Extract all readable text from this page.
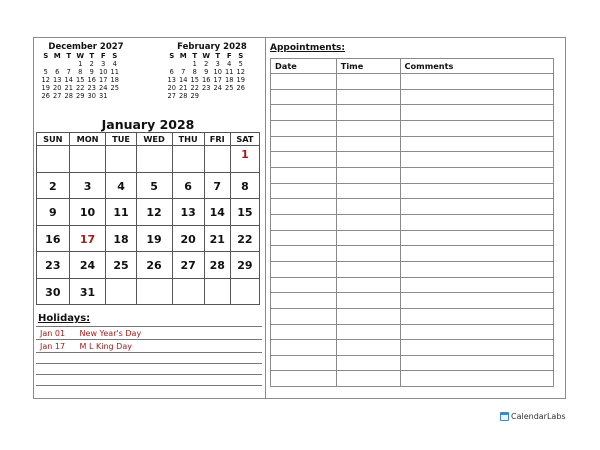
December 2027
S	M	T	W	T	F	S
			1	2	3	4
5	6	7	8	9	10	11
12	13	14	15	16	17	18
19	20	21	22	23	24	25
26	27	28	29	30	31	
February 2028
S	M	T	W	T	F	S
		1	2	3	4	5
6	7	8	9	10	11	12
13	14	15	16	17	18	19
20	21	22	23	24	25	26
27	28	29				
January 2028
SUN	MON	TUE	WED	THU	FRI	SAT
						1
2	3	4	5	6	7	8
9	10	11	12	13	14	15
16	17	18	19	20	21	22
23	24	25	26	27	28	29
30	31					
Holidays:
Jan 01 New Year's Day
Jan 17 M L King Day
Appointments:
Date	Time	Comments

CalendarLabs
